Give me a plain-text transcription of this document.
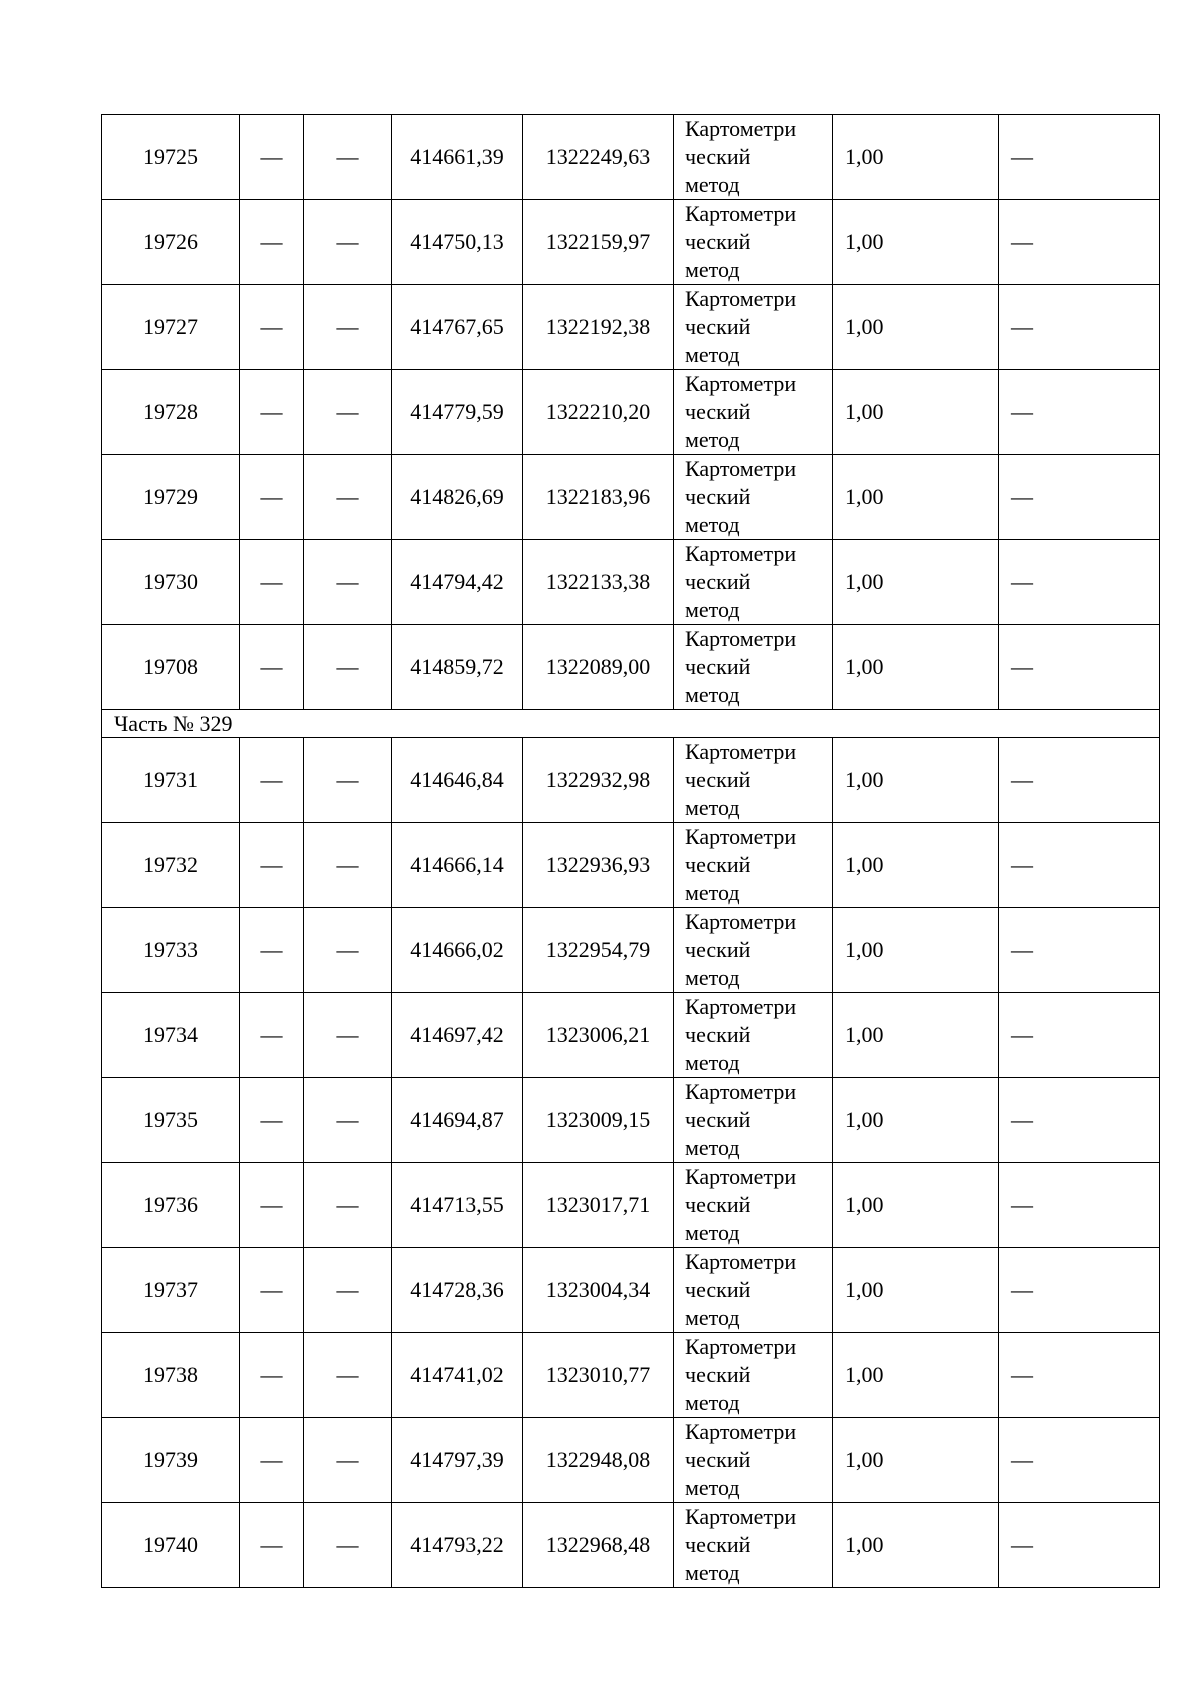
19725	—	—	414661,39	1322249,63	Картометри
ческий
метод	1,00	—
19726	—	—	414750,13	1322159,97	Картометри
ческий
метод	1,00	—
19727	—	—	414767,65	1322192,38	Картометри
ческий
метод	1,00	—
19728	—	—	414779,59	1322210,20	Картометри
ческий
метод	1,00	—
19729	—	—	414826,69	1322183,96	Картометри
ческий
метод	1,00	—
19730	—	—	414794,42	1322133,38	Картометри
ческий
метод	1,00	—
19708	—	—	414859,72	1322089,00	Картометри
ческий
метод	1,00	—
Часть № 329							
19731	—	—	414646,84	1322932,98	Картометри
ческий
метод	1,00	—
19732	—	—	414666,14	1322936,93	Картометри
ческий
метод	1,00	—
19733	—	—	414666,02	1322954,79	Картометри
ческий
метод	1,00	—
19734	—	—	414697,42	1323006,21	Картометри
ческий
метод	1,00	—
19735	—	—	414694,87	1323009,15	Картометри
ческий
метод	1,00	—
19736	—	—	414713,55	1323017,71	Картометри
ческий
метод	1,00	—
19737	—	—	414728,36	1323004,34	Картометри
ческий
метод	1,00	—
19738	—	—	414741,02	1323010,77	Картометри
ческий
метод	1,00	—
19739	—	—	414797,39	1322948,08	Картометри
ческий
метод	1,00	—
19740	—	—	414793,22	1322968,48	Картометри
ческий
метод	1,00	—
